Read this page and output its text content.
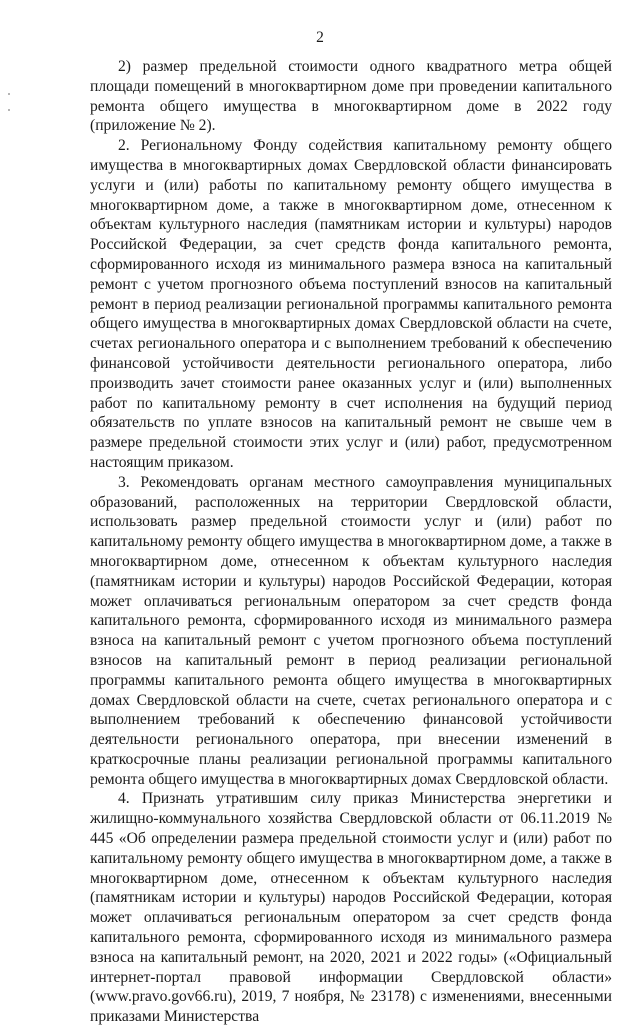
2

2) размер предельной стоимости одного квадратного метра общей площади помещений в многоквартирном доме при проведении капитального ремонта общего имущества в многоквартирном доме в 2022 году (приложение № 2).

2. Региональному Фонду содействия капитальному ремонту общего имущества в многоквартирных домах Свердловской области финансировать услуги и (или) работы по капитальному ремонту общего имущества в многоквартирном доме, а также в многоквартирном доме, отнесенном к объектам культурного наследия (памятникам истории и культуры) народов Российской Федерации, за счет средств фонда капитального ремонта, сформированного исходя из минимального размера взноса на капитальный ремонт с учетом прогнозного объема поступлений взносов на капитальный ремонт в период реализации региональной программы капитального ремонта общего имущества в многоквартирных домах Свердловской области на счете, счетах регионального оператора и с выполнением требований к обеспечению финансовой устойчивости деятельности регионального оператора, либо производить зачет стоимости ранее оказанных услуг и (или) выполненных работ по капитальному ремонту в счет исполнения на будущий период обязательств по уплате взносов на капитальный ремонт не свыше чем в размере предельной стоимости этих услуг и (или) работ, предусмотренном настоящим приказом.

3. Рекомендовать органам местного самоуправления муниципальных образований, расположенных на территории Свердловской области, использовать размер предельной стоимости услуг и (или) работ по капитальному ремонту общего имущества в многоквартирном доме, а также в многоквартирном доме, отнесенном к объектам культурного наследия (памятникам истории и культуры) народов Российской Федерации, которая может оплачиваться региональным оператором за счет средств фонда капитального ремонта, сформированного исходя из минимального размера взноса на капитальный ремонт с учетом прогнозного объема поступлений взносов на капитальный ремонт в период реализации региональной программы капитального ремонта общего имущества в многоквартирных домах Свердловской области на счете, счетах регионального оператора и с выполнением требований к обеспечению финансовой устойчивости деятельности регионального оператора, при внесении изменений в краткосрочные планы реализации региональной программы капитального ремонта общего имущества в многоквартирных домах Свердловской области.

4. Признать утратившим силу приказ Министерства энергетики и жилищно-коммунального хозяйства Свердловской области от 06.11.2019 № 445 «Об определении размера предельной стоимости услуг и (или) работ по капитальному ремонту общего имущества в многоквартирном доме, а также в многоквартирном доме, отнесенном к объектам культурного наследия (памятникам истории и культуры) народов Российской Федерации, которая может оплачиваться региональным оператором за счет средств фонда капитального ремонта, сформированного исходя из минимального размера взноса на капитальный ремонт, на 2020, 2021 и 2022 годы» («Официальный интернет-портал правовой информации Свердловской области» (www.pravo.gov66.ru), 2019, 7 ноября, № 23178) с изменениями, внесенными приказами Министерства
